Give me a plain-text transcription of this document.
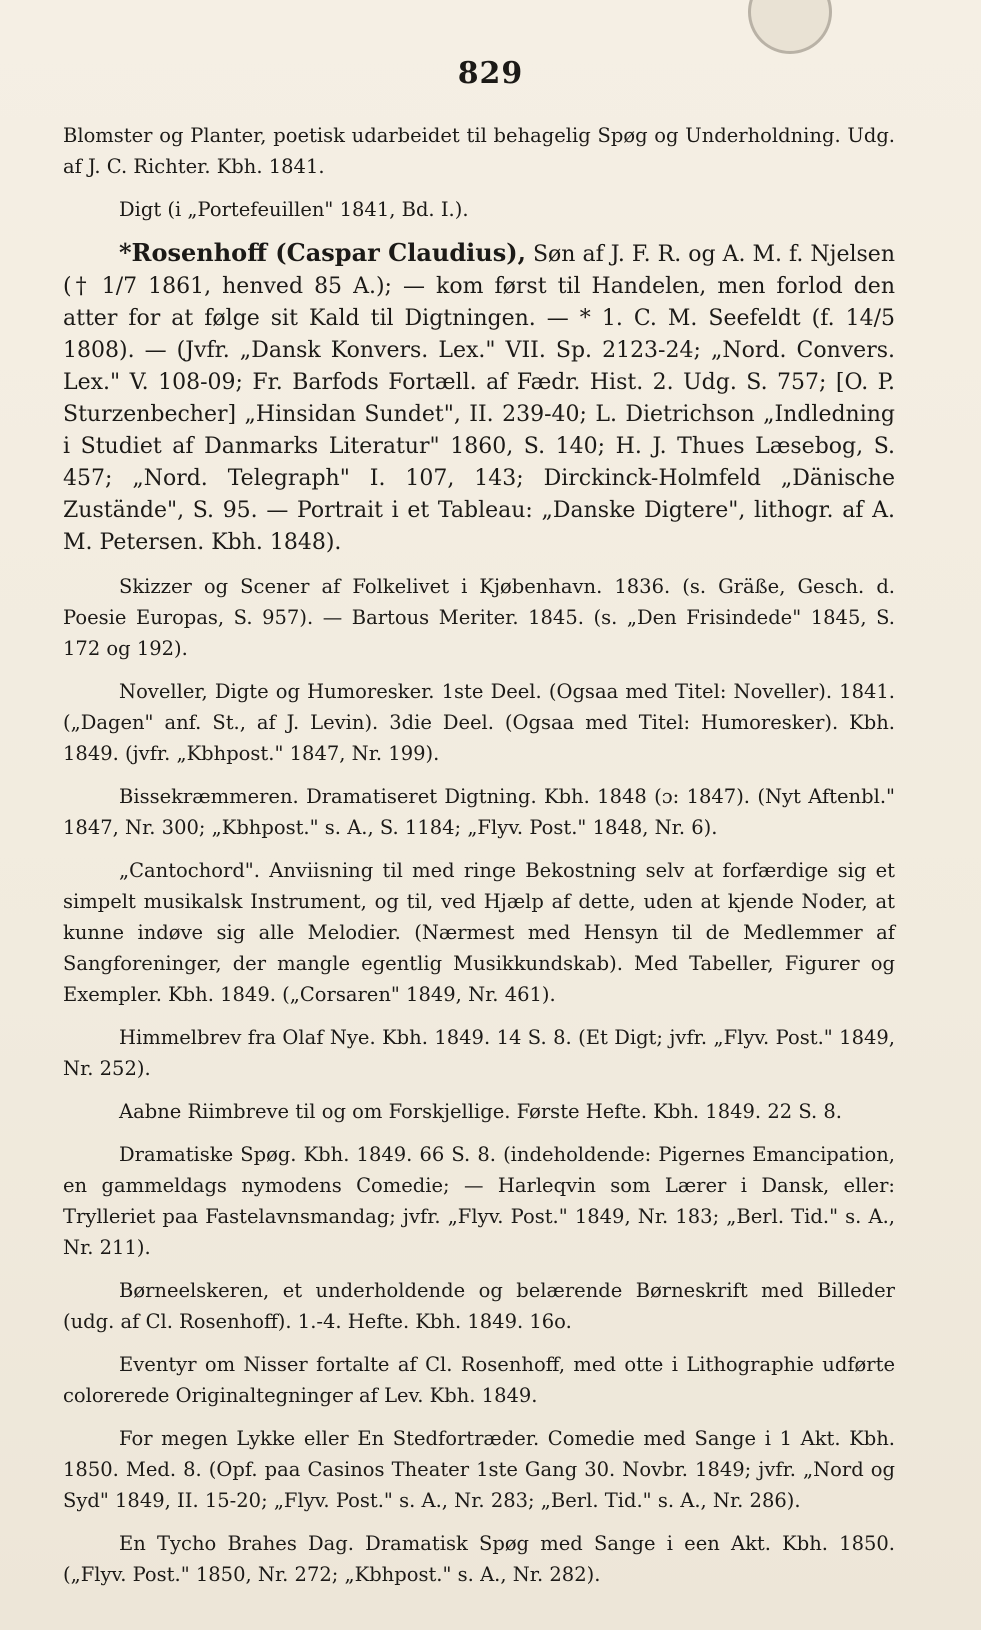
829

Blomster og Planter, poetisk udarbeidet til behagelig Spøg og Underholdning. Udg. af J. C. Richter. Kbh. 1841.

Digt (i „Portefeuillen" 1841, Bd. I.).

*Rosenhoff (Caspar Claudius), Søn af J. F. R. og A. M. f. Njelsen († 1/7 1861, henved 85 A.); — kom først til Handelen, men forlod den atter for at følge sit Kald til Digtningen. — * 1. C. M. Seefeldt (f. 14/5 1808). — (Jvfr. „Dansk Konvers. Lex." VII. Sp. 2123-24; „Nord. Convers. Lex." V. 108-09; Fr. Barfods Fortæll. af Fædr. Hist. 2. Udg. S. 757; [O. P. Sturzenbecher] „Hinsidan Sundet", II. 239-40; L. Dietrichson „Indledning i Studiet af Danmarks Literatur" 1860, S. 140; H. J. Thues Læsebog, S. 457; „Nord. Telegraph" I. 107, 143; Dirckinck-Holmfeld „Dänische Zustände", S. 95. — Portrait i et Tableau: „Danske Digtere", lithogr. af A. M. Petersen. Kbh. 1848).

Skizzer og Scener af Folkelivet i Kjøbenhavn. 1836. (s. Gräße, Gesch. d. Poesie Europas, S. 957). — Bartous Meriter. 1845. (s. „Den Frisindede" 1845, S. 172 og 192).

Noveller, Digte og Humoresker. 1ste Deel. (Ogsaa med Titel: Noveller). 1841. („Dagen" anf. St., af J. Levin). 3die Deel. (Ogsaa med Titel: Humoresker). Kbh. 1849. (jvfr. „Kbhpost." 1847, Nr. 199).

Bissekræmmeren. Dramatiseret Digtning. Kbh. 1848 (ɔ: 1847). (Nyt Aftenbl." 1847, Nr. 300; „Kbhpost." s. A., S. 1184; „Flyv. Post." 1848, Nr. 6).

„Cantochord". Anviisning til med ringe Bekostning selv at forfærdige sig et simpelt musikalsk Instrument, og til, ved Hjælp af dette, uden at kjende Noder, at kunne indøve sig alle Melodier. (Nærmest med Hensyn til de Medlemmer af Sangforeninger, der mangle egentlig Musikkundskab). Med Tabeller, Figurer og Exempler. Kbh. 1849. („Corsaren" 1849, Nr. 461).

Himmelbrev fra Olaf Nye. Kbh. 1849. 14 S. 8. (Et Digt; jvfr. „Flyv. Post." 1849, Nr. 252).

Aabne Riimbreve til og om Forskjellige. Første Hefte. Kbh. 1849. 22 S. 8.

Dramatiske Spøg. Kbh. 1849. 66 S. 8. (indeholdende: Pigernes Emancipation, en gammeldags nymodens Comedie; — Harleqvin som Lærer i Dansk, eller: Trylleriet paa Fastelavnsmandag; jvfr. „Flyv. Post." 1849, Nr. 183; „Berl. Tid." s. A., Nr. 211).

Børneelskeren, et underholdende og belærende Børneskrift med Billeder (udg. af Cl. Rosenhoff). 1.-4. Hefte. Kbh. 1849. 16o.

Eventyr om Nisser fortalte af Cl. Rosenhoff, med otte i Lithographie udførte colorerede Originaltegninger af Lev. Kbh. 1849.

For megen Lykke eller En Stedfortræder. Comedie med Sange i 1 Akt. Kbh. 1850. Med. 8. (Opf. paa Casinos Theater 1ste Gang 30. Novbr. 1849; jvfr. „Nord og Syd" 1849, II. 15-20; „Flyv. Post." s. A., Nr. 283; „Berl. Tid." s. A., Nr. 286).

En Tycho Brahes Dag. Dramatisk Spøg med Sange i een Akt. Kbh. 1850. („Flyv. Post." 1850, Nr. 272; „Kbhpost." s. A., Nr. 282).
